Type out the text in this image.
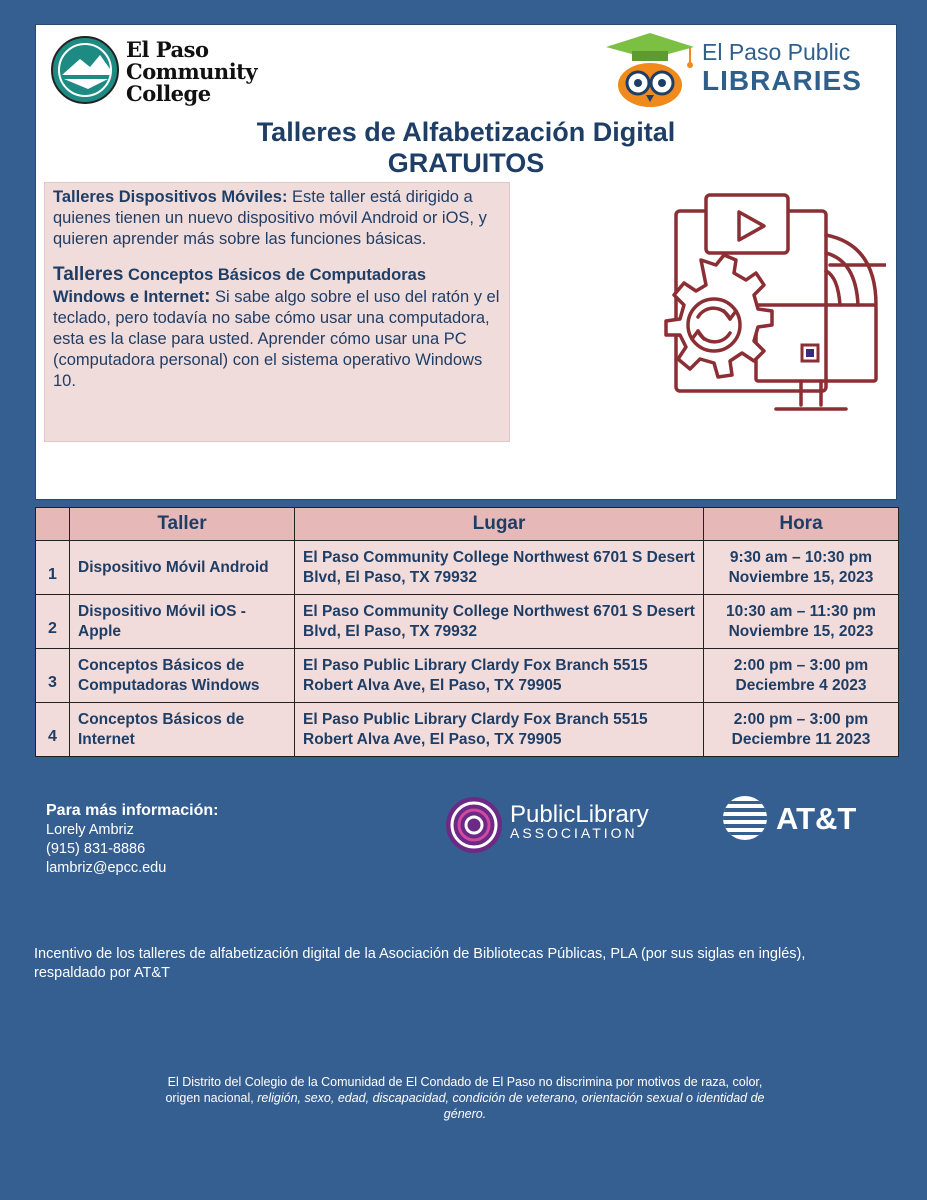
El Paso
Community
College
El Paso Public
LIBRARIES
Talleres de Alfabetización Digital
GRATUITOS

Talleres Dispositivos Móviles: Este taller está dirigido a quienes tienen un nuevo dispositivo móvil Android or iOS, y quieren aprender más sobre las funciones básicas.

Talleres Conceptos Básicos de Computadoras Windows e Internet: Si sabe algo sobre el uso del ratón y el teclado, pero todavía no sabe cómo usar una computadora, esta es la clase para usted. Aprender cómo usar una PC (computadora personal) con el sistema operativo Windows 10.

	Taller	Lugar	Hora
1	Dispositivo Móvil Android	El Paso Community College Northwest 6701 S Desert Blvd, El Paso, TX 79932	9:30 am – 10:30 pm
Noviembre 15, 2023

2	Dispositivo Móvil iOS - Apple	El Paso Community College Northwest 6701 S Desert Blvd, El Paso, TX 79932	10:30 am – 11:30 pm
Noviembre 15, 2023

3	Conceptos Básicos de Computadoras Windows	El Paso Public Library Clardy Fox Branch 5515 Robert Alva Ave, El Paso, TX 79905	2:00 pm – 3:00 pm
Deciembre 4 2023

4	Conceptos Básicos de Internet	El Paso Public Library Clardy Fox Branch 5515 Robert Alva Ave, El Paso, TX 79905	2:00 pm – 3:00 pm
Deciembre 11 2023
Para más información:
Lorely Ambriz
(915) 831-8886
lambriz@epcc.edu
PublicLibrary
ASSOCIATION	AT&T
Incentivo de los talleres de alfabetización digital de la Asociación de Bibliotecas Públicas, PLA (por sus siglas en inglés), respaldado por AT&T
El Distrito del Colegio de la Comunidad de El Condado de El Paso no discrimina por motivos de raza, color, origen nacional, religión, sexo, edad, discapacidad, condición de veterano, orientación sexual o identidad de género.
